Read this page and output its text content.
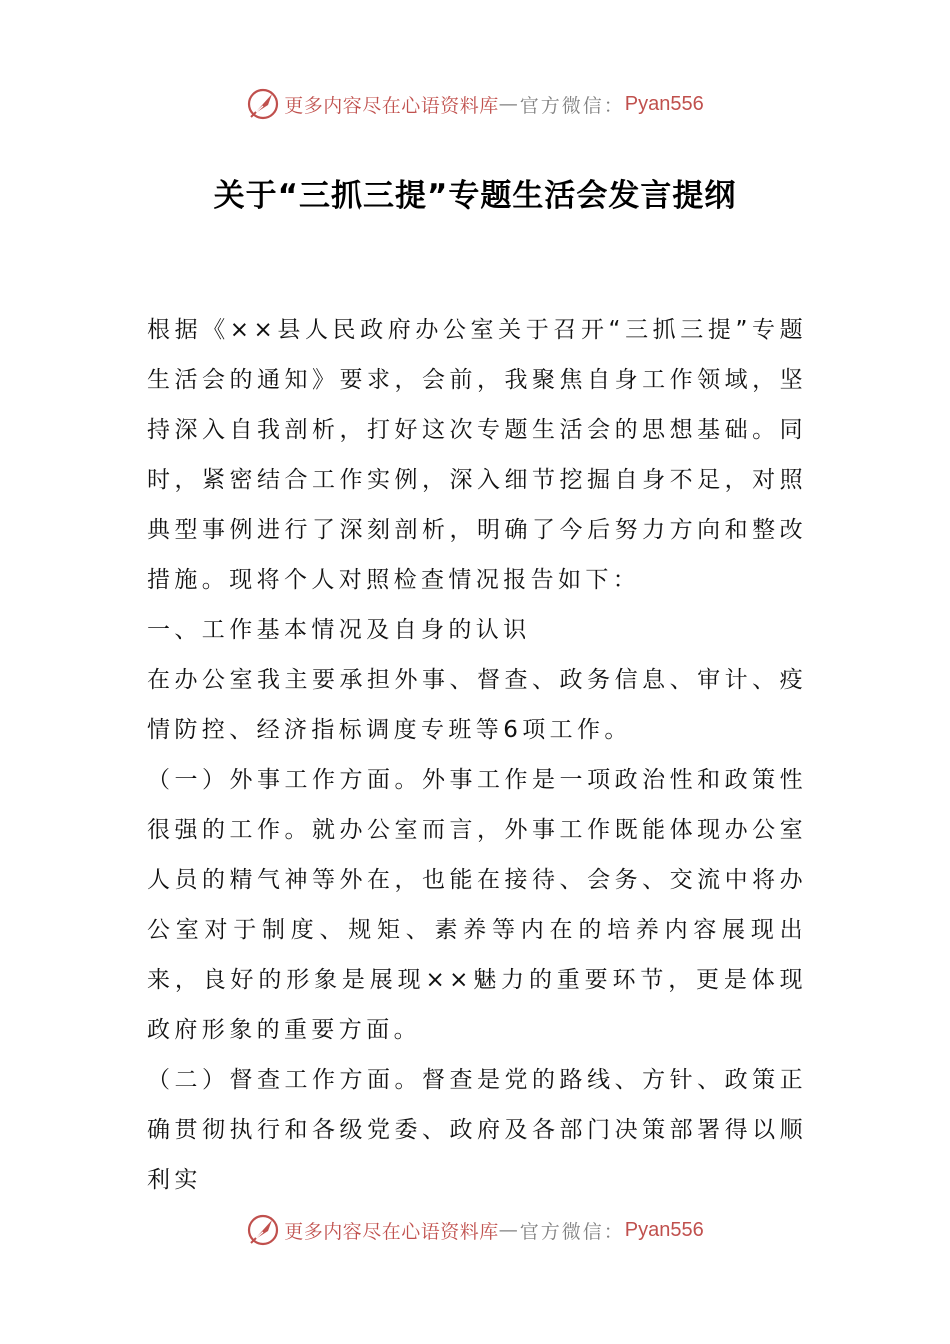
更多内容尽在心语资料库 — 官方微信： Pyan556
关于“三抓三提”专题生活会发言提纲

根据《××县人民政府办公室关于召开“三抓三提”专题生活会的通知》要求，会前，我聚焦自身工作领域，坚持深入自我剖析，打好这次专题生活会的思想基础。同时，紧密结合工作实例，深入细节挖掘自身不足，对照典型事例进行了深刻剖析，明确了今后努力方向和整改措施。现将个人对照检查情况报告如下：

一、工作基本情况及自身的认识

在办公室我主要承担外事、督查、政务信息、审计、疫情防控、经济指标调度专班等6项工作。

（一）外事工作方面。外事工作是一项政治性和政策性很强的工作。就办公室而言，外事工作既能体现办公室人员的精气神等外在，也能在接待、会务、交流中将办公室对于制度、规矩、素养等内在的培养内容展现出来，良好的形象是展现××魅力的重要环节，更是体现政府形象的重要方面。

（二）督查工作方面。督查是党的路线、方针、政策正确贯彻执行和各级党委、政府及各部门决策部署得以顺利实

更多内容尽在心语资料库 — 官方微信： Pyan556
